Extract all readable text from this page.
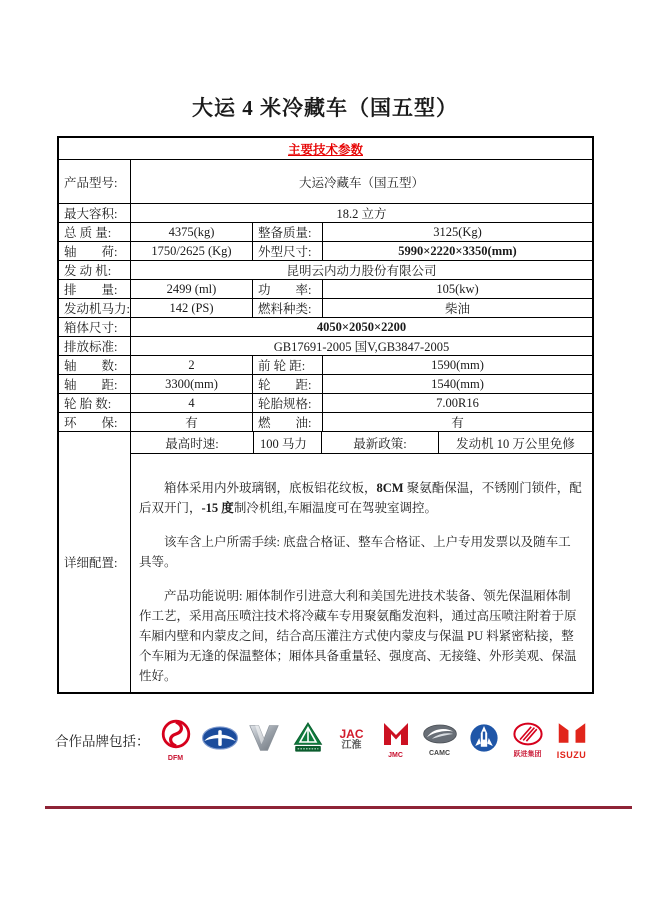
大运 4 米冷藏车（国五型）
主要技术参数
产品型号:	大运冷藏车（国五型）
最大容积:	18.2 立方
总 质 量:	4375(kg)	整备质量:	3125(Kg)
轴　　荷:	1750/2625 (Kg)	外型尺寸:	5990×2220×3350(mm)
发 动 机:	昆明云内动力股份有限公司
排　　量:	2499 (ml)	功　　率:	105(kw)
发动机马力:	142 (PS)	燃料种类:	柴油
箱体尺寸:	4050×2050×2200
排放标准:	GB17691-2005 国V,GB3847-2005
轴　　数:	2	前 轮 距:	1590(mm)
轴　　距:	3300(mm)	轮　　距:	1540(mm)
轮 胎 数:	4	轮胎规格:	7.00R16
环　　保:	有	燃　　油:	有
详细配置:
最高时速:	100 马力	最新政策:	发动机 10 万公里免修

箱体采用内外玻璃钢，底板铝花纹板，8CM 聚氨酯保温，不锈刚门锁件，配后双开门，-15 度制冷机组,车厢温度可在驾驶室调控。

该车含上户所需手续: 底盘合格证、整车合格证、上户专用发票以及随车工具等。

产品功能说明: 厢体制作引进意大利和美国先进技术装备、领先保温厢体制作工艺，采用高压喷注技术将冷藏车专用聚氨酯发泡料，通过高压喷注附着于原车厢内壁和内蒙皮之间，结合高压灌注方式使内蒙皮与保温 PU 料紧密粘接，整个车厢为无逢的保温整体；厢体具备重量轻、强度高、无接缝、外形美观、保温性好。

合作品牌包括：
DFM
JAC
江淮
JMC	CAMC	跃进集团 ISUZU
